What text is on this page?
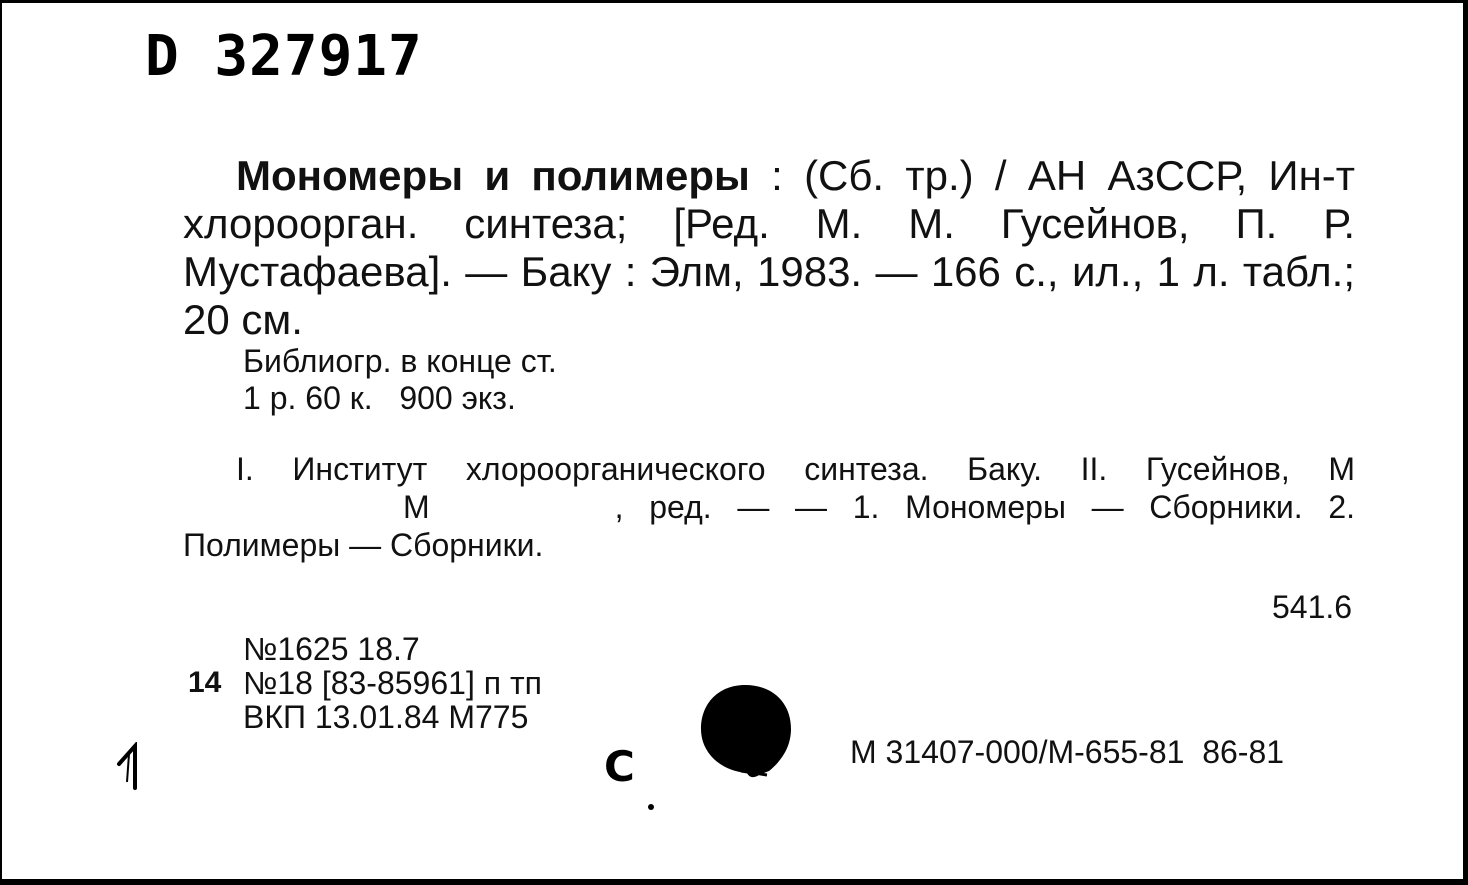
D 327917
Мономеры и полимеры : (Сб. тр.) / АН АзССР, Ин-т хлороорган. синтеза; [Ред. М. М. Гусейнов, П. Р. Мустафаева]. — Баку : Элм, 1983. — 166 с., ил., 1 л. табл.; 20 см.
Библиогр. в конце ст.
1 р. 60 к.   900 экз.
I. Институт хлороорганического синтеза. Баку. II. Гусейнов, ММ	, ред. — — 1. Мономеры — Сборники. 2. Полимеры — Сборники.
541.6
№1625 18.7
№18 [83-85961] п тп
ВКП 13.01.84 М775
14
С	М 31407-000/М-655-81  86-81
